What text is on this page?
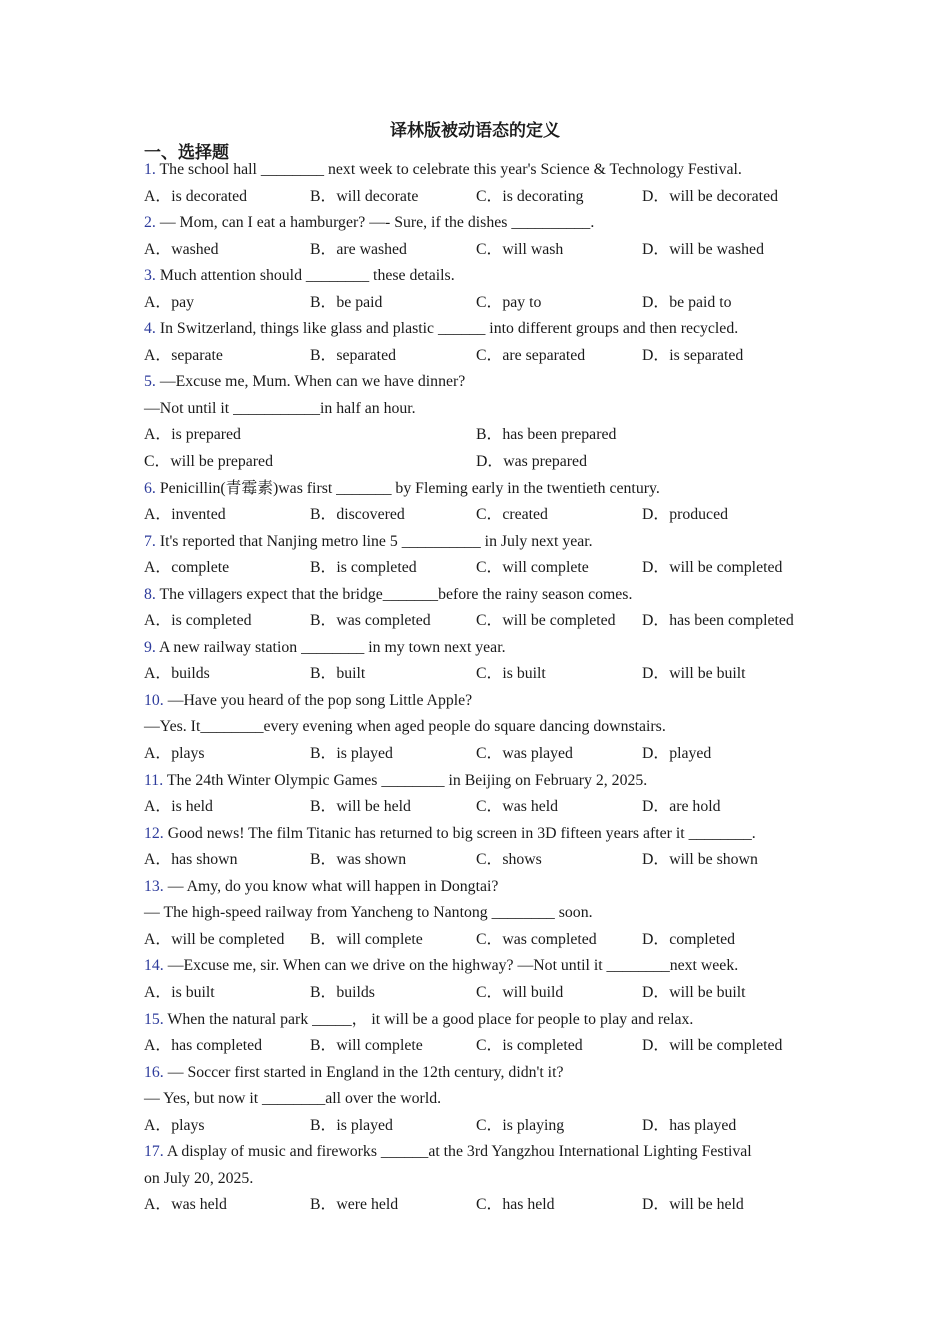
译林版被动语态的定义
一、选择题
1. The school hall ________ next week to celebrate this year's Science & Technology Festival.
A．is decorated	B．will decorate	C．is decorating	D．will be decorated
2. — Mom, can I eat a hamburger? —- Sure, if the dishes __________.
A．washed	B．are washed	C．will wash	D．will be washed
3. Much attention should ________ these details.
A．pay	B．be paid	C．pay to	D．be paid to
4. In Switzerland, things like glass and plastic ______ into different groups and then recycled.
A．separate	B．separated	C．are separated	D．is separated
5. —Excuse me, Mum. When can we have dinner?
—Not until it ___________in half an hour.
A．is prepared	B．has been prepared
C．will be prepared	D．was prepared
6. Penicillin(青霉素)was first _______ by Fleming early in the twentieth century.
A．invented	B．discovered	C．created	D．produced
7. It's reported that Nanjing metro line 5 __________ in July next year.
A．complete	B．is completed	C．will complete	D．will be completed
8. The villagers expect that the bridge_______before the rainy season comes.
A．is completed	B．was completed	C．will be completed	D．has been completed
9. A new railway station ________ in my town next year.
A．builds	B．built	C．is built	D．will be built
10. —Have you heard of the pop song Little Apple?
—Yes. It________every evening when aged people do square dancing downstairs.
A．plays	B．is played	C．was played	D．played
11. The 24th Winter Olympic Games ________ in Beijing on February 2, 2025.
A．is held	B．will be held	C．was held	D．are hold
12. Good news! The film Titanic has returned to big screen in 3D fifteen years after it ________.
A．has shown	B．was shown	C．shows	D．will be shown
13. — Amy, do you know what will happen in Dongtai?
— The high-speed railway from Yancheng to Nantong ________ soon.
A．will be completed	B．will complete	C．was completed	D．completed
14. —Excuse me, sir. When can we drive on the highway? —Not until it ________next week.
A．is built	B．builds	C．will build	D．will be built
15. When the natural park _____， it will be a good place for people to play and relax.
A．has completed	B．will complete	C．is completed	D．will be completed
16. — Soccer first started in England in the 12th century, didn't it?
— Yes, but now it ________all over the world.
A．plays	B．is played	C．is playing	D．has played
17. A display of music and fireworks ______at the 3rd Yangzhou International Lighting Festival
on July 20, 2025.
A．was held	B．were held	C．has held	D．will be held
